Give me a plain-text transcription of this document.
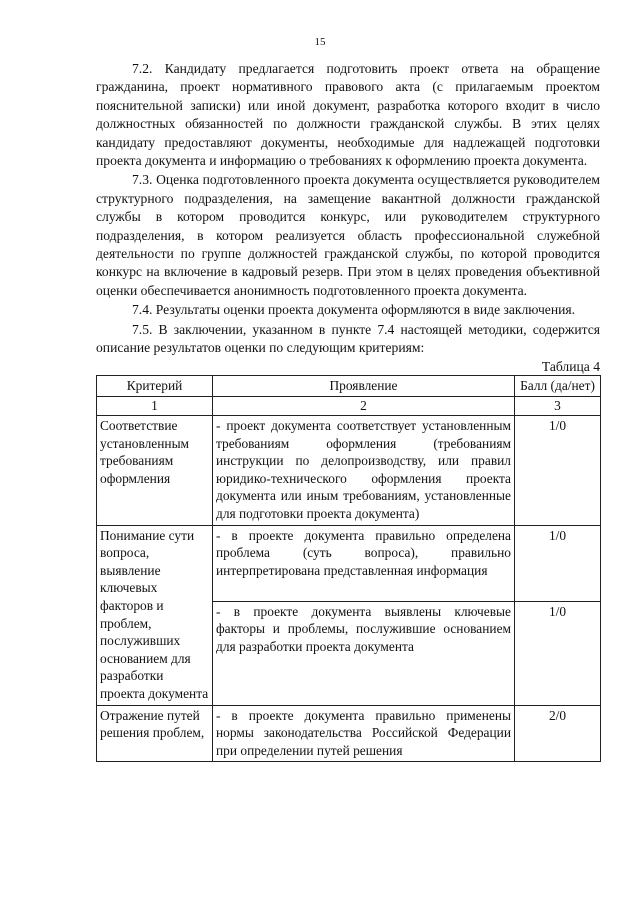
15

7.2. Кандидату предлагается подготовить проект ответа на обращение гражданина, проект нормативного правового акта (с прилагаемым проектом пояснительной записки) или иной документ, разработка которого входит в число должностных обязанностей по должности гражданской службы. В этих целях кандидату предоставляют документы, необходимые для надлежащей подготовки проекта документа и информацию о требованиях к оформлению проекта документа.

7.3. Оценка подготовленного проекта документа осуществляется руководителем структурного подразделения, на замещение вакантной должности гражданской службы в котором проводится конкурс, или руководителем структурного подразделения, в котором реализуется область профессиональной служебной деятельности по группе должностей гражданской службы, по которой проводится конкурс на включение в кадровый резерв. При этом в целях проведения объективной оценки обеспечивается анонимность подготовленного проекта документа.

7.4. Результаты оценки проекта документа оформляются в виде заключения.

7.5. В заключении, указанном в пункте 7.4 настоящей методики, содержится описание результатов оценки по следующим критериям:

Таблица 4
Критерий	Проявление	Балл (да/нет)
1	2	3
Соответствие установленным требованиям оформления	- проект документа соответствует установленным требованиям оформления (требованиям инструкции по делопроизводству, или правил юридико-технического оформления проекта документа или иным требованиям, установленные для подготовки проекта документа)	1/0
Понимание сути вопроса, выявление ключевых факторов и проблем, послуживших основанием для разработки проекта документа	- в проекте документа правильно определена проблема (суть вопроса), правильно интерпретирована представленная информация	1/0
	- в проекте документа выявлены ключевые факторы и проблемы, послужившие основанием для разработки проекта документа	1/0
Отражение путей решения проблем,	- в проекте документа правильно применены нормы законодательства Российской Федерации при определении путей решения	2/0
